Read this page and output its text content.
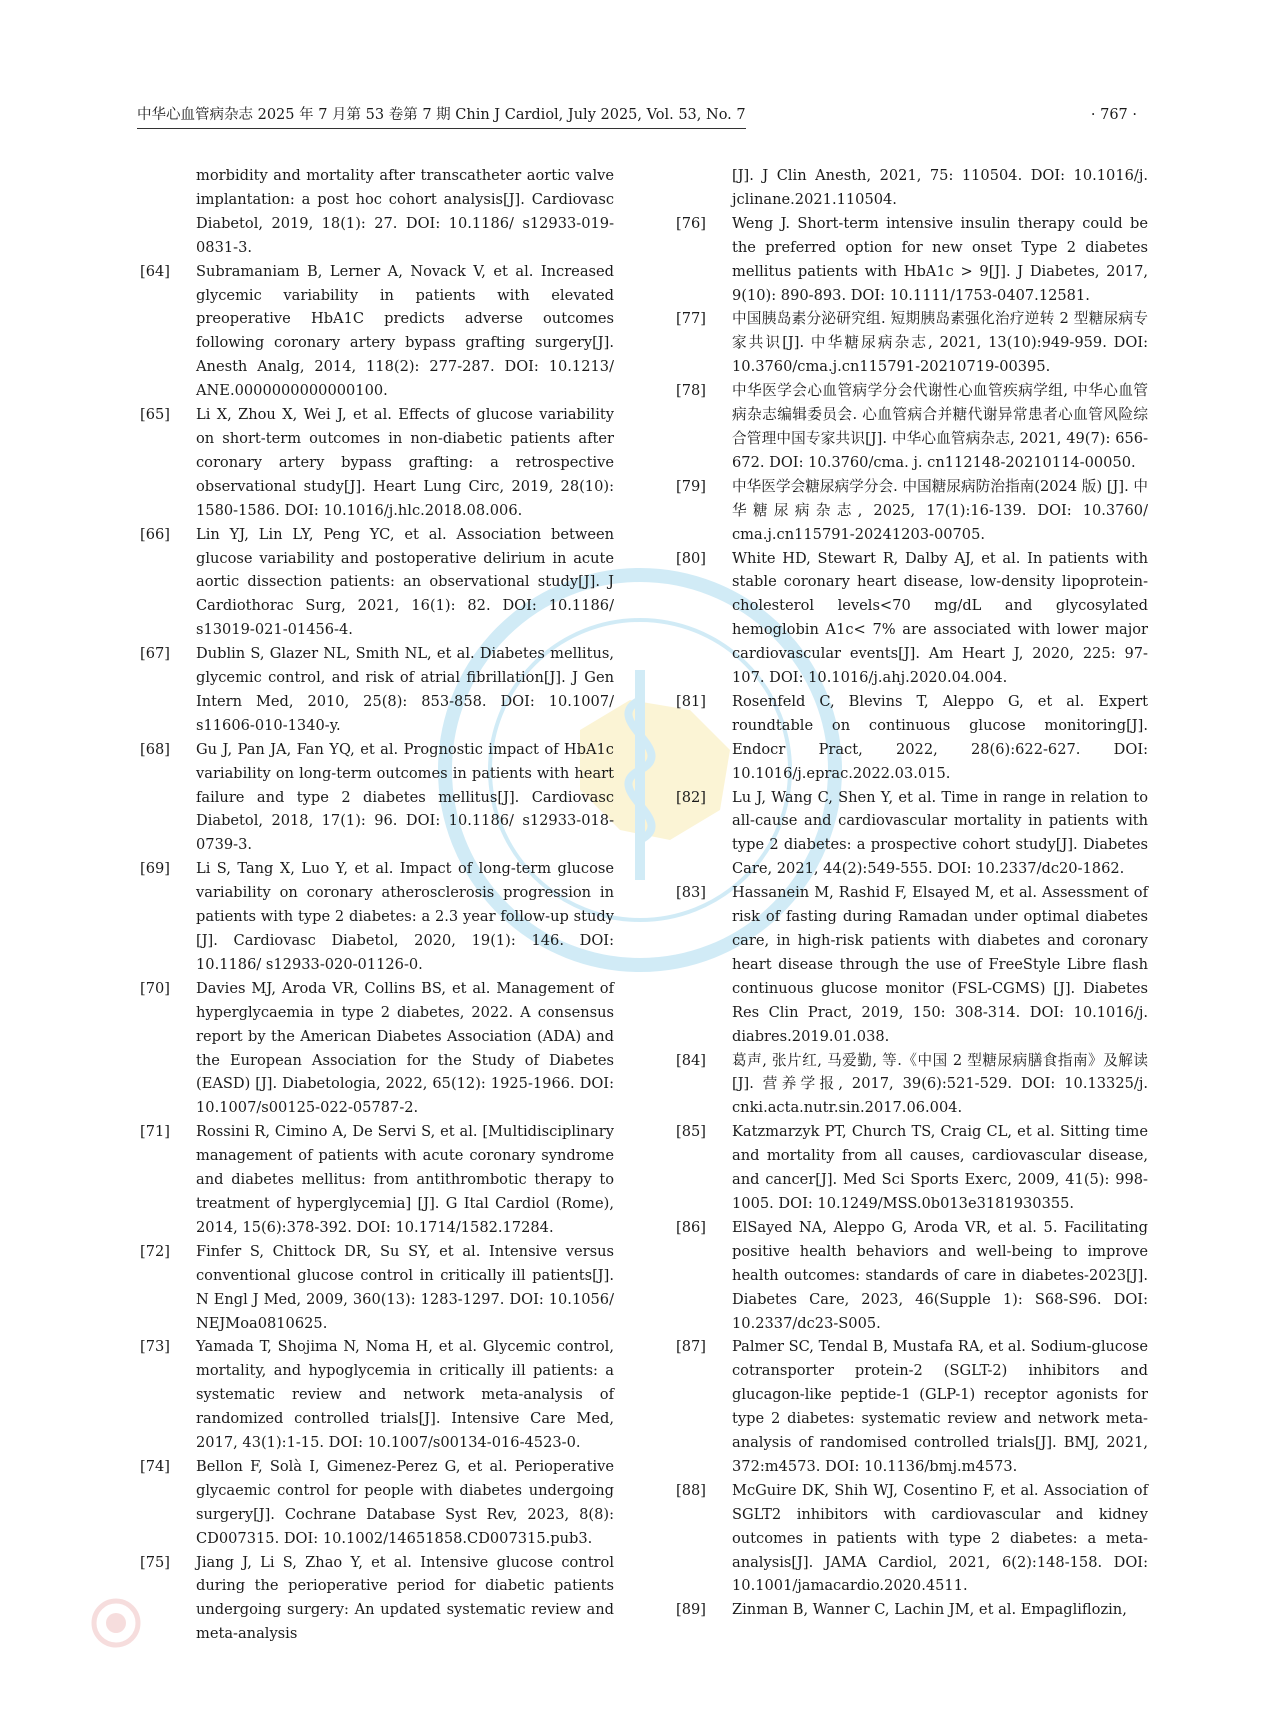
中华心血管病杂志 2025 年 7 月第 53 卷第 7 期 Chin J Cardiol, July 2025, Vol. 53, No. 7	· 767 ·
morbidity and mortality after transcatheter aortic valve implantation: a post hoc cohort analysis[J]. Cardiovasc Diabetol, 2019, 18(1): 27. DOI: 10.1186/ s12933-019-0831-3.
[64] Subramaniam B, Lerner A, Novack V, et al. Increased glycemic variability in patients with elevated preoperative HbA1C predicts adverse outcomes following coronary artery bypass grafting surgery[J]. Anesth Analg, 2014, 118(2): 277-287. DOI: 10.1213/ ANE.0000000000000100.
[65] Li X, Zhou X, Wei J, et al. Effects of glucose variability on short-term outcomes in non-diabetic patients after coronary artery bypass grafting: a retrospective observational study[J]. Heart Lung Circ, 2019, 28(10): 1580-1586. DOI: 10.1016/j.hlc.2018.08.006.
[66] Lin YJ, Lin LY, Peng YC, et al. Association between glucose variability and postoperative delirium in acute aortic dissection patients: an observational study[J]. J Cardiothorac Surg, 2021, 16(1): 82. DOI: 10.1186/ s13019-021-01456-4.
[67] Dublin S, Glazer NL, Smith NL, et al. Diabetes mellitus, glycemic control, and risk of atrial fibrillation[J]. J Gen Intern Med, 2010, 25(8): 853-858. DOI: 10.1007/ s11606-010-1340-y.
[68] Gu J, Pan JA, Fan YQ, et al. Prognostic impact of HbA1c variability on long-term outcomes in patients with heart failure and type 2 diabetes mellitus[J]. Cardiovasc Diabetol, 2018, 17(1): 96. DOI: 10.1186/ s12933-018-0739-3.
[69] Li S, Tang X, Luo Y, et al. Impact of long-term glucose variability on coronary atherosclerosis progression in patients with type 2 diabetes: a 2.3 year follow-up study [J]. Cardiovasc Diabetol, 2020, 19(1): 146. DOI: 10.1186/ s12933-020-01126-0.
[70] Davies MJ, Aroda VR, Collins BS, et al. Management of hyperglycaemia in type 2 diabetes, 2022. A consensus report by the American Diabetes Association (ADA) and the European Association for the Study of Diabetes (EASD) [J]. Diabetologia, 2022, 65(12): 1925-1966. DOI: 10.1007/s00125-022-05787-2.
[71] Rossini R, Cimino A, De Servi S, et al. [Multidisciplinary management of patients with acute coronary syndrome and diabetes mellitus: from antithrombotic therapy to treatment of hyperglycemia] [J]. G Ital Cardiol (Rome), 2014, 15(6):378-392. DOI: 10.1714/1582.17284.
[72] Finfer S, Chittock DR, Su SY, et al. Intensive versus conventional glucose control in critically ill patients[J]. N Engl J Med, 2009, 360(13): 1283-1297. DOI: 10.1056/ NEJMoa0810625.
[73] Yamada T, Shojima N, Noma H, et al. Glycemic control, mortality, and hypoglycemia in critically ill patients: a systematic review and network meta-analysis of randomized controlled trials[J]. Intensive Care Med, 2017, 43(1):1-15. DOI: 10.1007/s00134-016-4523-0.
[74] Bellon F, Solà I, Gimenez-Perez G, et al. Perioperative glycaemic control for people with diabetes undergoing surgery[J]. Cochrane Database Syst Rev, 2023, 8(8): CD007315. DOI: 10.1002/14651858.CD007315.pub3.
[75] Jiang J, Li S, Zhao Y, et al. Intensive glucose control during the perioperative period for diabetic patients undergoing surgery: An updated systematic review and meta-analysis
[J]. J Clin Anesth, 2021, 75: 110504. DOI: 10.1016/j. jclinane.2021.110504.
[76] Weng J. Short-term intensive insulin therapy could be the preferred option for new onset Type 2 diabetes mellitus patients with HbA1c > 9[J]. J Diabetes, 2017, 9(10): 890-893. DOI: 10.1111/1753-0407.12581.
[77] 中国胰岛素分泌研究组. 短期胰岛素强化治疗逆转 2 型糖尿病专家共识[J]. 中华糖尿病杂志, 2021, 13(10):949-959. DOI: 10.3760/cma.j.cn115791-20210719-00395.
[78] 中华医学会心血管病学分会代谢性心血管疾病学组, 中华心血管病杂志编辑委员会. 心血管病合并糖代谢异常患者心血管风险综合管理中国专家共识[J]. 中华心血管病杂志, 2021, 49(7): 656-672. DOI: 10.3760/cma. j. cn112148-20210114-00050.
[79] 中华医学会糖尿病学分会. 中国糖尿病防治指南(2024 版) [J]. 中华糖尿病杂志, 2025, 17(1):16-139. DOI: 10.3760/ cma.j.cn115791-20241203-00705.
[80] White HD, Stewart R, Dalby AJ, et al. In patients with stable coronary heart disease, low-density lipoprotein-cholesterol levels<70 mg/dL and glycosylated hemoglobin A1c< 7% are associated with lower major cardiovascular events[J]. Am Heart J, 2020, 225: 97-107. DOI: 10.1016/j.ahj.2020.04.004.
[81] Rosenfeld C, Blevins T, Aleppo G, et al. Expert roundtable on continuous glucose monitoring[J]. Endocr Pract, 2022, 28(6):622-627. DOI: 10.1016/j.eprac.2022.03.015.
[82] Lu J, Wang C, Shen Y, et al. Time in range in relation to all-cause and cardiovascular mortality in patients with type 2 diabetes: a prospective cohort study[J]. Diabetes Care, 2021, 44(2):549-555. DOI: 10.2337/dc20-1862.
[83] Hassanein M, Rashid F, Elsayed M, et al. Assessment of risk of fasting during Ramadan under optimal diabetes care, in high-risk patients with diabetes and coronary heart disease through the use of FreeStyle Libre flash continuous glucose monitor (FSL-CGMS) [J]. Diabetes Res Clin Pract, 2019, 150: 308-314. DOI: 10.1016/j. diabres.2019.01.038.
[84] 葛声, 张片红, 马爱勤, 等.《中国 2 型糖尿病膳食指南》及解读[J]. 营养学报, 2017, 39(6):521-529. DOI: 10.13325/j. cnki.acta.nutr.sin.2017.06.004.
[85] Katzmarzyk PT, Church TS, Craig CL, et al. Sitting time and mortality from all causes, cardiovascular disease, and cancer[J]. Med Sci Sports Exerc, 2009, 41(5): 998-1005. DOI: 10.1249/MSS.0b013e3181930355.
[86] ElSayed NA, Aleppo G, Aroda VR, et al. 5. Facilitating positive health behaviors and well-being to improve health outcomes: standards of care in diabetes-2023[J]. Diabetes Care, 2023, 46(Supple 1): S68-S96. DOI: 10.2337/dc23-S005.
[87] Palmer SC, Tendal B, Mustafa RA, et al. Sodium-glucose cotransporter protein-2 (SGLT-2) inhibitors and glucagon-like peptide-1 (GLP-1) receptor agonists for type 2 diabetes: systematic review and network meta-analysis of randomised controlled trials[J]. BMJ, 2021, 372:m4573. DOI: 10.1136/bmj.m4573.
[88] McGuire DK, Shih WJ, Cosentino F, et al. Association of SGLT2 inhibitors with cardiovascular and kidney outcomes in patients with type 2 diabetes: a meta-analysis[J]. JAMA Cardiol, 2021, 6(2):148-158. DOI: 10.1001/jamacardio.2020.4511.
[89] Zinman B, Wanner C, Lachin JM, et al. Empagliflozin,
